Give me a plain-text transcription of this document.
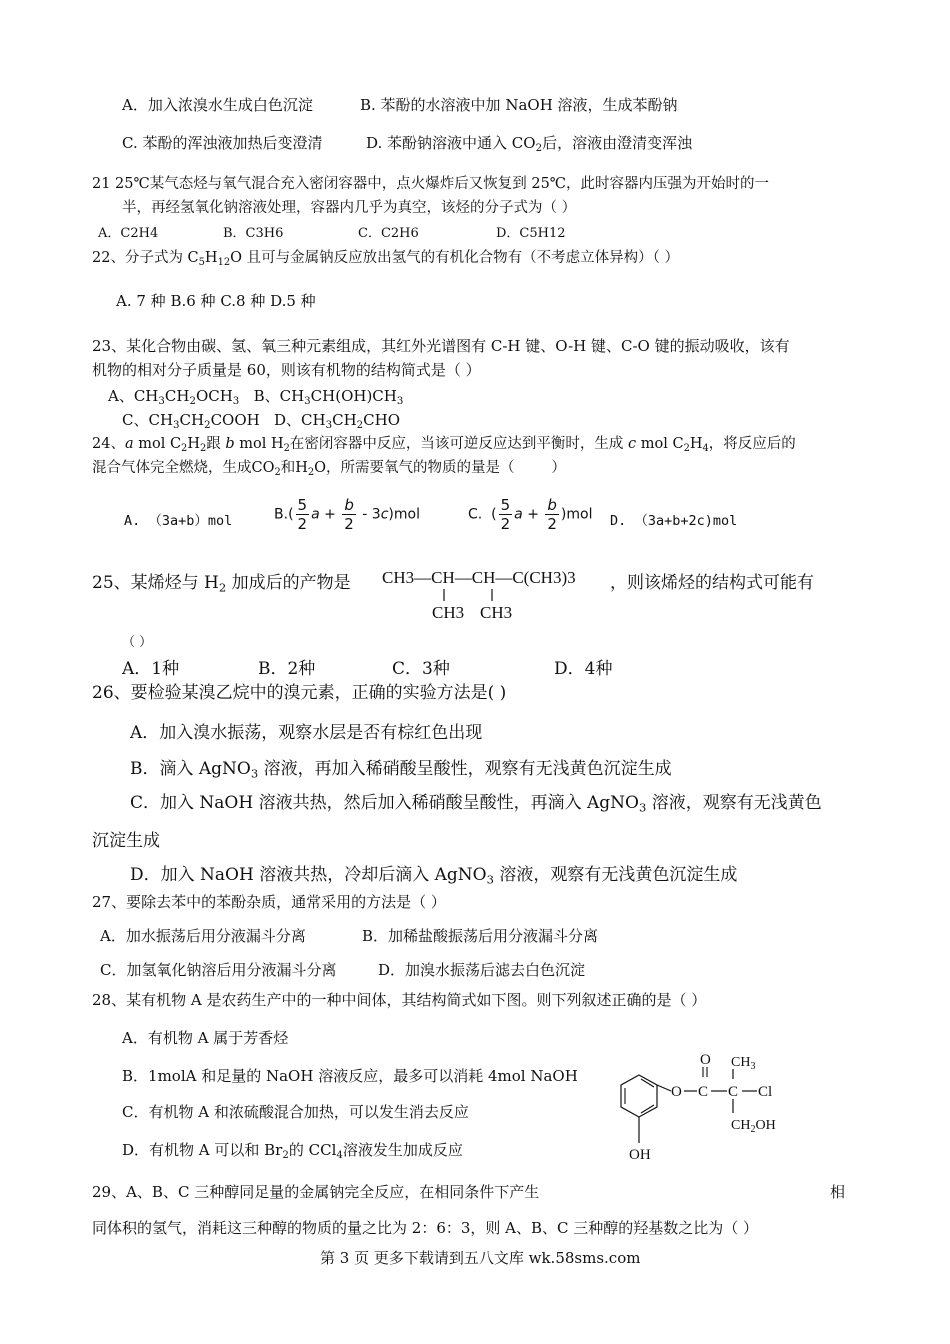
A．加入浓溴水生成白色沉淀	B. 苯酚的水溶液中加 NaOH 溶液，生成苯酚钠
C. 苯酚的浑浊液加热后变澄清	D. 苯酚钠溶液中通入 $CO_2$后，溶液由澄清变浑浊
21 25℃某气态烃与氧气混合充入密闭容器中，点火爆炸后又恢复到 25℃，此时容器内压强为开始时的一
半，再经氢氧化钠溶液处理，容器内几乎为真空，该烃的分子式为（ ）
A．C2H4	B．C3H6	C．C2H6	D．C5H12
22、分子式为 $C_5H_{12}O$ 且可与金属钠反应放出氢气的有机化合物有（不考虑立体异构）（ ）
A. 7 种 B.6 种 C.8 种 D.5 种
23、某化合物由碳、氢、氧三种元素组成，其红外光谱图有 C-H 键、O-H 键、C-O 键的振动吸收，该有
机物的相对分子质量是 60，则该有机物的结构简式是（ ）
A、$CH_3CH_2OCH_3$   B、$CH_3CH(OH)CH_3$
C、$CH_3CH_2COOH$   D、$CH_3CH_2CHO$
24、a mol $C_2H_2$跟 b mol $H_2$在密闭容器中反应，当该可逆反应达到平衡时，生成 c mol $C_2H_4$，将反应后的
混合气体完全燃烧，生成$CO_2$和$H_2O$，所需要氧气的物质的量是（        ）
A. （3a+b）mol	$B.( \frac{5}{2}$ $a + \frac{b}{2} - 3c)mol$	C.  ( $\frac{5}{2}$ $a + \frac{b}{2} )mol$ D. （3a+b+2c)mol
25、某烯烃与 $H_2$ 加成后的产物是 CH3—CH—CH—C(CH3)3
CH3 CH3
，则该烯烃的结构式可能有
（ ）
A．1种	B．2种	C．3种	D．4种
26、要检验某溴乙烷中的溴元素，正确的实验方法是( )
A．加入溴水振荡，观察水层是否有棕红色出现
B．滴入 AgNO$_3$ 溶液，再加入稀硝酸呈酸性，观察有无浅黄色沉淀生成
C．加入 NaOH 溶液共热，然后加入稀硝酸呈酸性，再滴入 AgNO$_3$ 溶液，观察有无浅黄色
沉淀生成
D．加入 NaOH 溶液共热，冷却后滴入 AgNO$_3$ 溶液，观察有无浅黄色沉淀生成
27、要除去苯中的苯酚杂质，通常采用的方法是（ ）
A．加水振荡后用分液漏斗分离	B．加稀盐酸振荡后用分液漏斗分离
C．加氢氧化钠溶后用分液漏斗分离	D．加溴水振荡后滤去白色沉淀
28、某有机物 A 是农药生产中的一种中间体，其结构简式如下图。则下列叙述正确的是（ ）
A．有机物 A 属于芳香烃
B．1molA 和足量的 NaOH 溶液反应，最多可以消耗 4mol NaOH
C．有机物 A 和浓硫酸混合加热，可以发生消去反应
D．有机物 A 可以和 $Br_2$的 CCl$_4$溶液发生加成反应	OH
O C
O
C
$CH_3$
Cl
$CH_2OH$
29、A、B、C 三种醇同足量的金属钠完全反应，在相同条件下产生	相
同体积的氢气，消耗这三种醇的物质的量之比为 2：6：3，则 A、B、C 三种醇的羟基数之比为（ ）
第 3 页 更多下载请到五八文库 wk.58sms.com
